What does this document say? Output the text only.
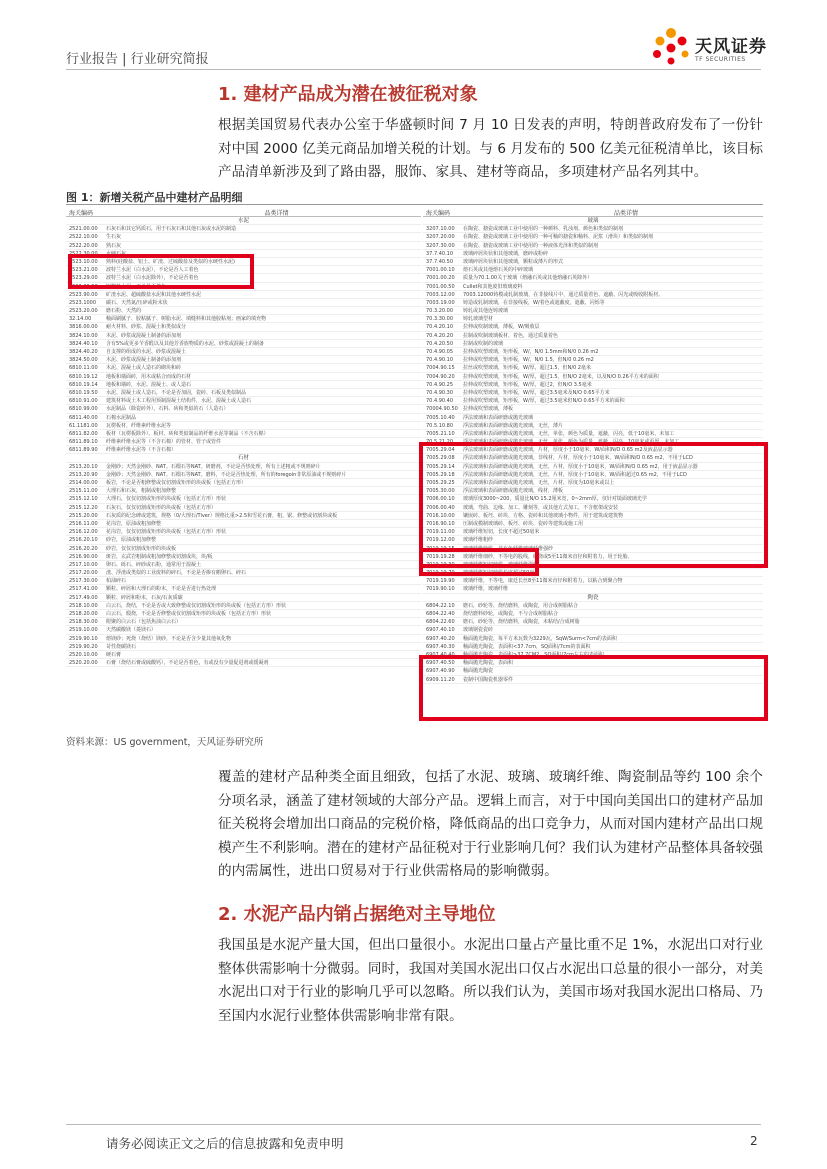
行业报告 | 行业研究简报
天风证券
TF SECURITIES
1. 建材产品成为潜在被征税对象
根据美国贸易代表办公室于华盛顿时间 7 月 10 日发表的声明，特朗普政府发布了一份针对中国 2000 亿美元商品加增关税的计划。与 6 月发布的 500 亿美元征税清单比，该目标产品清单新涉及到了路由器，服饰、家具、建材等商品，多项建材产品名列其中。
图 1：新增关税产品中建材产品明细
海关编码	品类详情
水泥
2521.00.00	石灰石和其它钙质石，用于石灰石和其他石灰或水泥的制造
2522.10.00	生石灰
2522.20.00	熟石灰
2522.30.00	水硬石灰
2523.10.00	熟料(硅酸盐、铝土、矿渣、过硫酸盐及类似的水硬性水泥)
2523.21.00	波特兰水泥（白水泥），不论是否人工着色
2523.29.00	波特兰水泥（白水泥除外），不论是否着色
2523.30.00	铝酸盐水泥，不论是否着色
2523.90.00	矿渣水泥、超硫酸盐水泥和其他水硬性水泥
2523.1000	碳石、天然氮/压碎或粉末状
2523.20.00	磨石粉、天然的
32.14.00	釉面刷腻子、胶粘腻子、树脂水泥、填缝料和其他胶粘剂；画家的填充物
3816.00.00	耐火材料、砂浆、混凝土和类似成分
3824.10.00	木泥、砂浆或混凝土制备的添加剂
3824.40.10	含有5%或更多苄香醛以及其他芳香族物质的水泥、砂浆或混凝土的制备
3824.40.20	自支撑的组成的水泥、砂浆或混凝土
3824.50.00	木泥、砂浆或混凝土制备的添加剂
6810.11.00	木泥、混凝土或人造石的砌块和砖
6810.19.12	地板和墙面砖，用木或粘合而成的石材
6810.19.14	地板和墙砖，水泥、混凝土、或人造石
6810.19.50	水泥、混凝土或人造石，不论是否加固，瓷砖、石板及类似制品
6810.91.00	建筑材料或土木工程用预制混凝土结构件，水泥、混凝土或人造石
6810.99.00	水泥制品（除瓷砖外），石料、砖和类似的石（人造石）
6811.40.00	石棉水泥制品
61.1181.00	瓦楞板材，纤维素纤维水泥等
6811.82.00	板材（瓦楞板除外）、板材、砖和类似制品的纤维水泥等制品（不含石棉）
6811.89.10	纤维素纤维水泥等（不含石棉）的管材、管子或管件
6811.89.90	纤维素纤维水泥等（不含石棉）
石材
2513.20.10	金刚砂；天然金刚砂、NAT。石榴石等NAT。研磨剂，不论是否热处理，所有上述粗或不规则碎片
2513.20.90	金刚砂；天然金刚砂、NAT。石榴石等NAT。磨料，不论是否热处理，所有的foregoin非常原油或不规则碎片
2514.00.00	板岩，不论是否粗修整或仅切割成矩形的块或板（包括正方形）
2515.11.00	大理石和石灰，粗制或粗加修整
2515.12.10	大理石，仅仅切割或矩形的块或板（包括正方形）形状
2515.12.20	石灰石，仅仅切割成矩形的块或板（包括正方形）
2515.20.00	石灰质的纪念碑或建筑，规格（0/大理石/Tiver）规格比重>2.5和雪花石膏，粗、锯、修整或切割块或板
2516.11.00	花岗岩，原油或粗加修整
2516.12.00	花岗岩，仅仅切割成矩形的块或板（包括正方形）形状
2516.20.10	砂岩，原油或粗加修整
2516.20.20	砂岩，仅仅切割成矩形的块或板
2516.90.00	斑岩，玄武岩粗制或粗加修整或切割成块，块/板
2517.10.00	卵石、砾石、碎砂或石粉，通常用于混凝土
2517.20.00	渣、浮渣或类似的工业废料的碎石，不论是否掺有鹅卵石、碎石
2517.30.00	柏油碎石
2517.41.00	颗粒、碎屑和大理石的粉末，不论是否进行热处理
2517.49.00	颗粒、碎屑和粉末，石灰/石灰质碳
2518.10.00	白云石，烧结，不论是否或大致修整或仅切割成矩形的块或板（包括正方形）形状
2518.20.00	白云石，煅烧，不论是否修整或仅切割成矩形的块或板（包括正方形）形状
2518.30.00	附聚的白云石（包括焦油白云石）
2519.10.00	天然碳酸镁（菱镁石）
2519.90.10	熔镁砂；死烧（烧结）镁砂，不论是否含少量其他氧化物
2519.90.20	苛性烧碳镁石
2520.10.00	硬石膏
2520.20.00	石膏（烧结石膏或硫酸钙），不论是否着色，有或没有少量促进剂或缓凝剂
海关编码	品类详情
玻璃
3207.10.00	在陶瓷、搪瓷或玻璃工业中使用的一种颜料、乳浊剂、颜色和类似的制剂
3207.20.00	在陶瓷、搪瓷或玻璃工业中使用的一种可釉的搪瓷和釉料、泥浆（滑块）和类似的制剂
3207.30.00	在陶瓷、搪瓷或玻璃工业中使用的一种液体光泽和类似的制剂
37.7.40.10	玻璃碎屑块状和其他玻璃，磨碎或粉碎
37.7.40.50	玻璃碎屑块状和其他玻璃，颗粒或薄片的形式
7001.00.10	熔石英或其他熔石英的中碎玻璃
7001.00.20	质量为70.1.00关于玻璃（熔融石英或其他熔融石英除外）
7001.00.50	Cullet和其他废旧玻璃废料
7003.12.00	7003.12000铸模或轧制玻璃，在非接线片中，通过质量着色、遮蔽、闪光或吸收附板材。
7003.19.00	铸造或轧制玻璃，在非接线板，W/着色或遮蔽度，遮蔽、闪烁等
70.3.20.00	铸轧或其他连铸玻璃
70.3.30.00	铸轧玻璃型材
70.4.20.10	拉伸或吹制玻璃，薄板，W/吸收层
70.4.20.20	拉制或吹制玻璃板材，着色，通过质量着色
70.4.20.50	拉制或吹制的玻璃
70.4.90.05	拉伸或吹塑玻璃，矩形板，W/，N/0 1.5mm和N/0 0.26 m2
70.4.90.10	拉伸或吹塑玻璃，矩形板，W/，N/0 1.5，但N/0 0.26 m2
7004.90.15	拉丝或吹塑玻璃，矩形板，W/厚，超过1.5，但N/0 2毫米
7004.90.20	拉伸或吹塑玻璃，矩形板，W/厚，超过1.5，但N/O 2毫米，以及N/O 0.26平方米的面积
70.4.90.25	拉伸或吹塑玻璃，矩形板，W/厚，超过2，但N/O 3.5毫米
70.4.90.30	拉伸或吹塑玻璃，矩形板，W/厚，超过3.5毫米及N/O 0.65平方米
70.4.90.40	拉伸或吹塑玻璃，矩形板，W/厚，超过3.5毫米但N/O 0.65平方米的面积
70004.90.50	拉伸或吹塑玻璃，薄板
7005.10.40	浮法玻璃和表面研磨或抛光玻璃
70.5.10.80	浮法玻璃和表面研磨或抛光玻璃，无丝，薄片
7005.21.10	浮法玻璃和表面研磨或抛光玻璃，无丝，单张，颜色为质量，遮蔽，闪亮，低于10毫米，未加工
70.5.21.20	浮法玻璃和表面研磨或抛光玻璃，无丝，单张，颜色为质量，遮蔽，闪亮，10毫米或更厚，未加工
7005.29.04	浮法玻璃和表面研磨或抛光玻璃，片材，厚度小于10毫米，W/面积N/O 0.65 m2及液晶显示器
7005.29.08	浮法玻璃和表面研磨或抛光玻璃，非线材，片材，厚度小于10毫米，W/面积N/O 0.65 m2，不用于LCD
7005.29.14	浮法玻璃和表面研磨或抛光玻璃，无丝，片材，厚度小于10毫米，W/面积N/O 0.65 m2，用于液晶显示器
7005.29.18	浮法玻璃和表面研磨或抛光玻璃，无丝，片材，厚度小于10毫米，W/面积超过0.65 m2，不用于LCD
7005.29.25	浮法玻璃和表面研磨或抛光玻璃，无丝，片材，厚度为10毫米或以上
7005.30.00	浮法玻璃和表面研磨或抛光玻璃，线材，薄板
7006.00.10	玻璃厚度3000~200，质量比N/O 15.2厘米宽，0~2mm厚，仅针对镜面玻璃光学
7006.00.40	玻璃，弯曲、边缘、加工、雕刻等，或其他方式加工，不含框架或安装
7016.10.00	镶嵌砖、板坯、砖块、方格、瓷砖和其他玻璃小物件，用于建筑或建筑物
7016.90.10	压制或模制玻璃砖、板坯、砖块、瓷砖等建筑或施工用
7019.11.00	玻璃纤维短切，长度不超过50毫米
7019.12.00	玻璃纤维粗纱
7019.19.15	玻璃纤维纱线，非有色纤维玻璃纤维强纱
7019.19.28	玻璃纤维细纱，不等电的股线，缠绕或5至11微米直径和附着力，用于轮胎。
7019.19.30	玻璃纤维短切纱线，玻璃纤维强纱
7019.19.70	玻璃纤维短切纱线长度超过50毫米
7019.19.90	玻璃纤维，不等电，康廷长丝8至11微米直径和附着力，以粘合到聚合物
7019.90.10	玻璃纤维，玻璃纤维
陶瓷
6804.22.10	磨石，砂轮等，烧结磨料，或陶瓷，用合成树脂粘合
6804.22.40	烧结磨料砂轮，或陶瓷，不与合成树脂粘合
6804.22.60	磨石，砂轮等，烧结磨料，或陶瓷，未粘结/合成树脂
6907.40.10	玻璃钢瓷瓷砖
6907.40.20	釉面抛光陶瓷，每平方米瓦数为3229瓦，SqW/Surm<7cm的表面积
6907.40.30	釉面抛光陶瓷，表面积<37.7cm，SQ面积/7cm的表面积
6907.40.40	釉面抛光陶瓷，表面积>37.7CM2，SQ面积/7cm左右的表面积
6907.40.50	釉面抛光陶瓷，表面积
6907.40.90	釉面抛光陶瓷
6909.11.20	瓷制中国陶瓷机器零件
资料来源：US government，天风证券研究所
覆盖的建材产品种类全面且细致，包括了水泥、玻璃、玻璃纤维、陶瓷制品等约 100 余个分项名录，涵盖了建材领域的大部分产品。逻辑上而言，对于中国向美国出口的建材产品加征关税将会增加出口商品的完税价格，降低商品的出口竞争力，从而对国内建材产品出口规模产生不利影响。潜在的建材产品征税对于行业影响几何？我们认为建材产品整体具备较强的内需属性，进出口贸易对于行业供需格局的影响微弱。
2. 水泥产品内销占据绝对主导地位
我国虽是水泥产量大国，但出口量很小。水泥出口量占产量比重不足 1%，水泥出口对行业整体供需影响十分微弱。同时，我国对美国水泥出口仅占水泥出口总量的很小一部分，对美水泥出口对于行业的影响几乎可以忽略。所以我们认为，美国市场对我国水泥出口格局、乃至国内水泥行业整体供需影响非常有限。
请务必阅读正文之后的信息披露和免责申明	2
